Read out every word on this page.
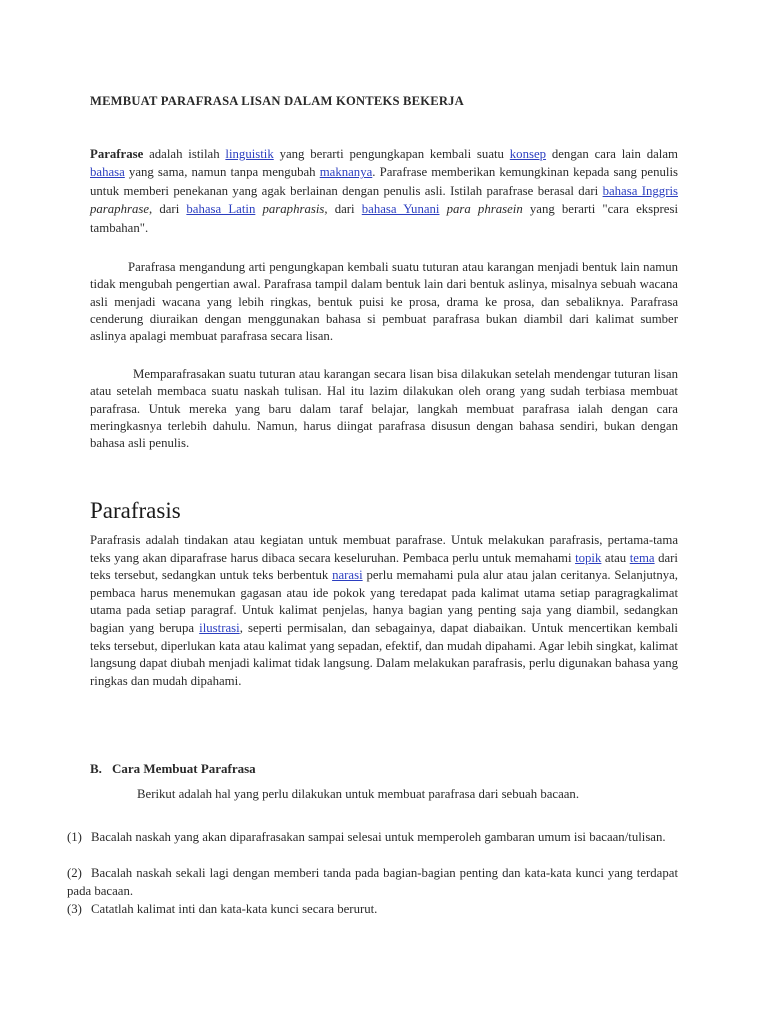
MEMBUAT PARAFRASA LISAN DALAM KONTEKS BEKERJA

Parafrase adalah istilah linguistik yang berarti pengungkapan kembali suatu konsep dengan cara lain dalam bahasa yang sama, namun tanpa mengubah maknanya. Parafrase memberikan kemungkinan kepada sang penulis untuk memberi penekanan yang agak berlainan dengan penulis asli. Istilah parafrase berasal dari bahasa Inggris paraphrase, dari bahasa Latin paraphrasis, dari bahasa Yunani para phrasein yang berarti "cara ekspresi tambahan".

Parafrasa mengandung arti pengungkapan kembali suatu tuturan atau karangan menjadi bentuk lain namun tidak mengubah pengertian awal. Parafrasa tampil dalam bentuk lain dari bentuk aslinya, misalnya sebuah wacana asli menjadi wacana yang lebih ringkas, bentuk puisi ke prosa, drama ke prosa, dan sebaliknya. Parafrasa cenderung diuraikan dengan menggunakan bahasa si pembuat parafrasa bukan diambil dari kalimat sumber aslinya apalagi membuat parafrasa secara lisan.

Memparafrasakan suatu tuturan atau karangan secara lisan bisa dilakukan setelah mendengar tuturan lisan atau setelah membaca suatu naskah tulisan. Hal itu lazim dilakukan oleh orang yang sudah terbiasa membuat parafrasa. Untuk mereka yang baru dalam taraf belajar, langkah membuat parafrasa ialah dengan cara meringkasnya terlebih dahulu. Namun, harus diingat parafrasa disusun dengan bahasa sendiri, bukan dengan bahasa asli penulis.

Parafrasis

Parafrasis adalah tindakan atau kegiatan untuk membuat parafrase. Untuk melakukan parafrasis, pertama-tama teks yang akan diparafrase harus dibaca secara keseluruhan. Pembaca perlu untuk memahami topik atau tema dari teks tersebut, sedangkan untuk teks berbentuk narasi perlu memahami pula alur atau jalan ceritanya. Selanjutnya, pembaca harus menemukan gagasan atau ide pokok yang teredapat pada kalimat utama setiap paragragkalimat utama pada setiap paragraf. Untuk kalimat penjelas, hanya bagian yang penting saja yang diambil, sedangkan bagian yang berupa ilustrasi, seperti permisalan, dan sebagainya, dapat diabaikan. Untuk mencertikan kembali teks tersebut, diperlukan kata atau kalimat yang sepadan, efektif, dan mudah dipahami. Agar lebih singkat, kalimat langsung dapat diubah menjadi kalimat tidak langsung. Dalam melakukan parafrasis, perlu digunakan bahasa yang ringkas dan mudah dipahami.

B. Cara Membuat Parafrasa

Berikut adalah hal yang perlu dilakukan untuk membuat parafrasa dari sebuah bacaan.

(1) Bacalah naskah yang akan diparafrasakan sampai selesai untuk memperoleh gambaran umum isi bacaan/tulisan.
(2) Bacalah naskah sekali lagi dengan memberi tanda pada bagian-bagian penting dan kata-kata kunci yang terdapat pada bacaan.
(3) Catatlah kalimat inti dan kata-kata kunci secara berurut.
